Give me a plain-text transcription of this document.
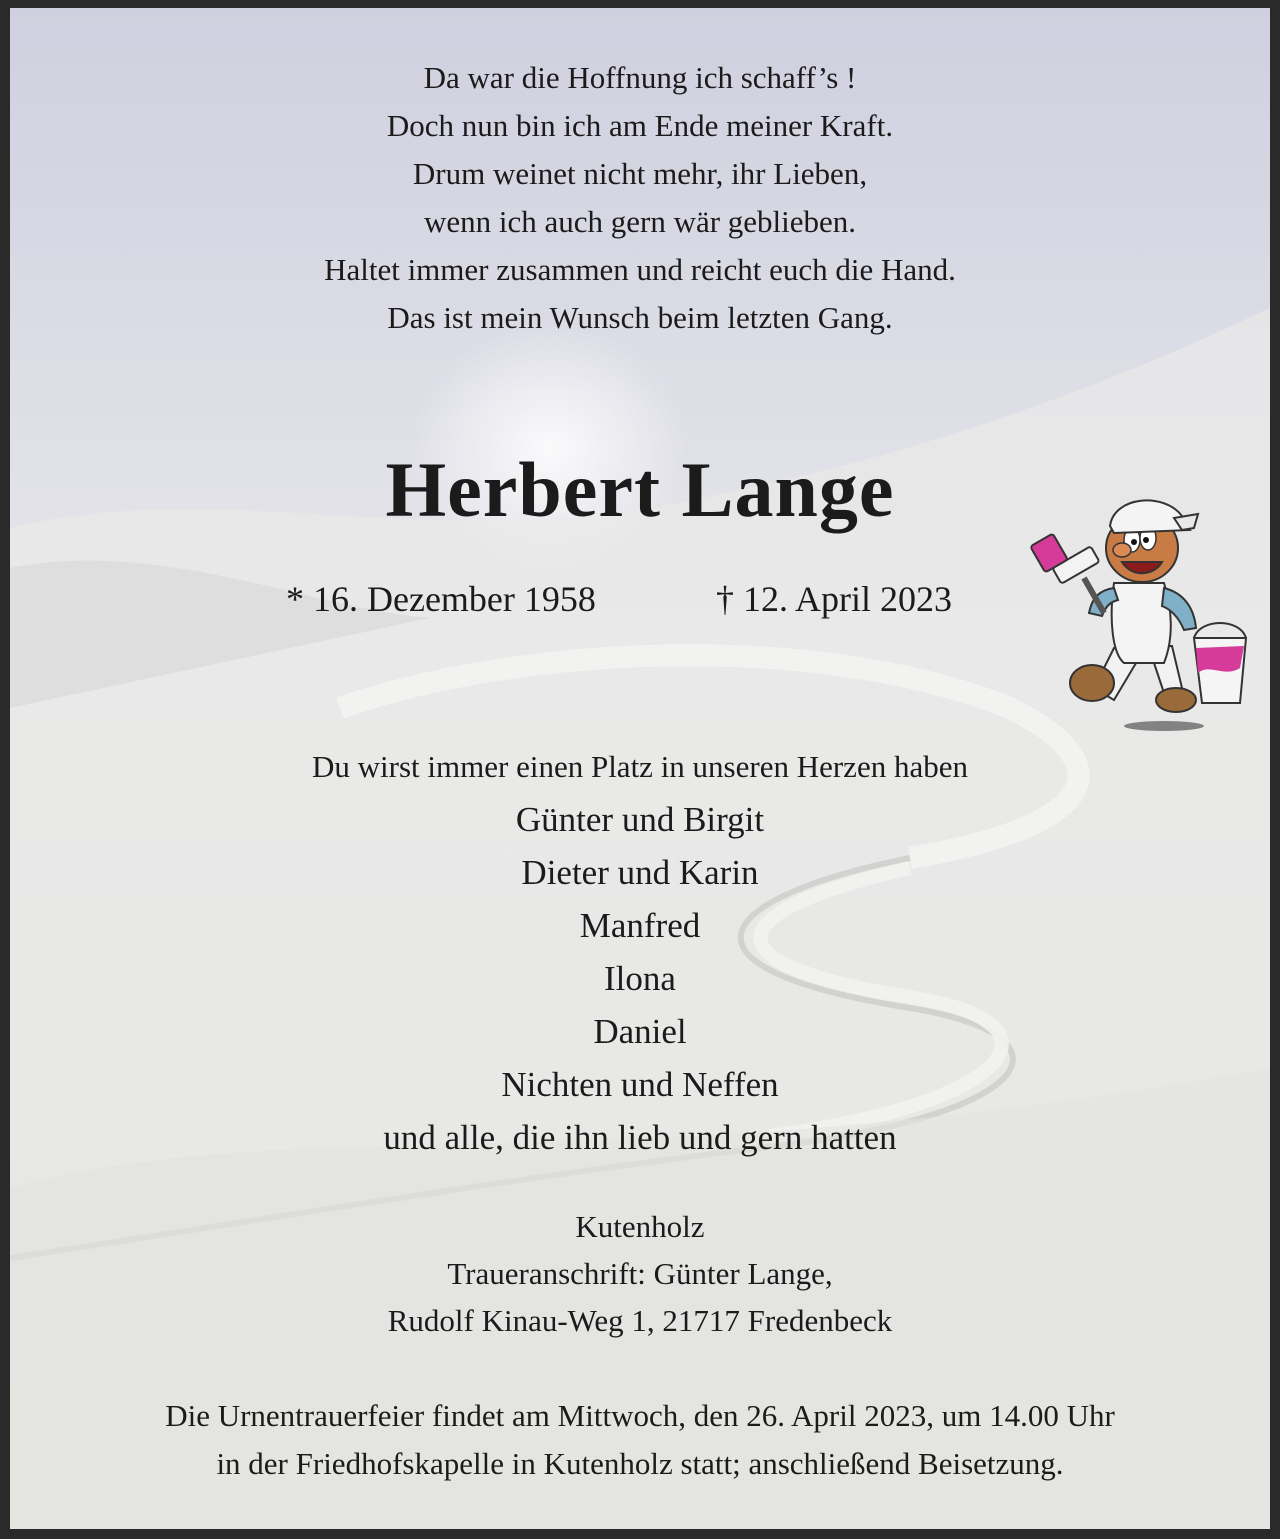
Da war die Hoffnung ich schaff’s !
Doch nun bin ich am Ende meiner Kraft.
Drum weinet nicht mehr, ihr Lieben,
wenn ich auch gern wär geblieben.
Haltet immer zusammen und reicht euch die Hand.
Das ist mein Wunsch beim letzten Gang.
Herbert Lange
* 16. Dezember 1958	† 12. April 2023
Du wirst immer einen Platz in unseren Herzen haben
Günter und Birgit
Dieter und Karin
Manfred
Ilona
Daniel
Nichten und Neffen
und alle, die ihn lieb und gern hatten
Kutenholz
Traueranschrift: Günter Lange,
Rudolf Kinau-Weg 1, 21717 Fredenbeck
Die Urnentrauerfeier findet am Mittwoch, den 26. April 2023, um 14.00 Uhr
in der Friedhofskapelle in Kutenholz statt; anschließend Beisetzung.
